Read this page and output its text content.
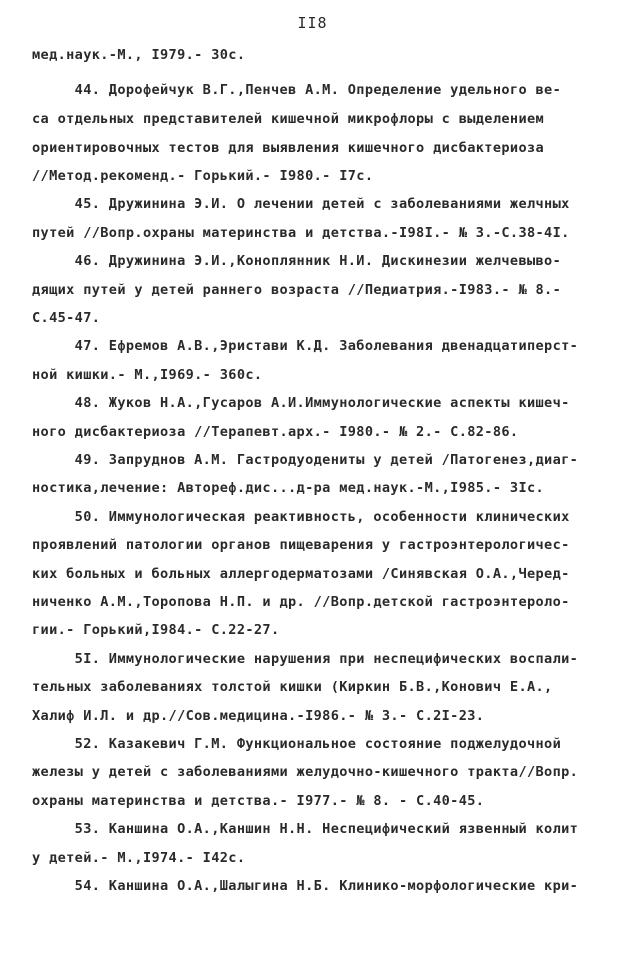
II8
мед.наук.-М., I979.- 30с.
44. Дорофейчук В.Г.,Пенчев А.М. Определение удельного ве-
са отдельных представителей кишечной микрофлоры с выделением
ориентировочных тестов для выявления кишечного дисбактериоза
//Метод.рекоменд.- Горький.- I980.- I7с.
45. Дружинина Э.И. О лечении детей с заболеваниями желчных
путей //Вопр.охраны материнства и детства.-I98I.- № 3.-С.38-4I.
46. Дружинина Э.И.,Коноплянник Н.И. Дискинезии желчевыво-
дящих путей у детей раннего возраста //Педиатрия.-I983.- № 8.-
С.45-47.
47. Ефремов А.В.,Эристави К.Д. Заболевания двенадцатиперст-
ной кишки.- М.,I969.- 360с.
48. Жуков Н.А.,Гусаров А.И.Иммунологические аспекты кишеч-
ного дисбактериоза //Терапевт.арх.- I980.- № 2.- С.82-86.
49. Запруднов А.М. Гастродуодениты у детей /Патогенез,диаг-
ностика,лечение: Автореф.дис...д-ра мед.наук.-М.,I985.- 3Iс.
50. Иммунологическая реактивность, особенности клинических
проявлений патологии органов пищеварения у гастроэнтерологичес-
ких больных и больных аллергодерматозами /Синявская О.А.,Черед-
ниченко А.М.,Торопова Н.П. и др. //Вопр.детской гастроэнтероло-
гии.- Горький,I984.- С.22-27.
5I. Иммунологические нарушения при неспецифических воспали-
тельных заболеваниях толстой кишки (Киркин Б.В.,Конович Е.А.,
Халиф И.Л. и др.//Сов.медицина.-I986.- № 3.- С.2I-23.
52. Казакевич Г.М. Функциональное состояние поджелудочной
железы у детей с заболеваниями желудочно-кишечного тракта//Вопр.
охраны материнства и детства.- I977.- № 8. - С.40-45.
53. Каншина О.А.,Каншин Н.Н. Неспецифический язвенный колит
у детей.- М.,I974.- I42с.
54. Каншина О.А.,Шалыгина Н.Б. Клинико-морфологические кри-
